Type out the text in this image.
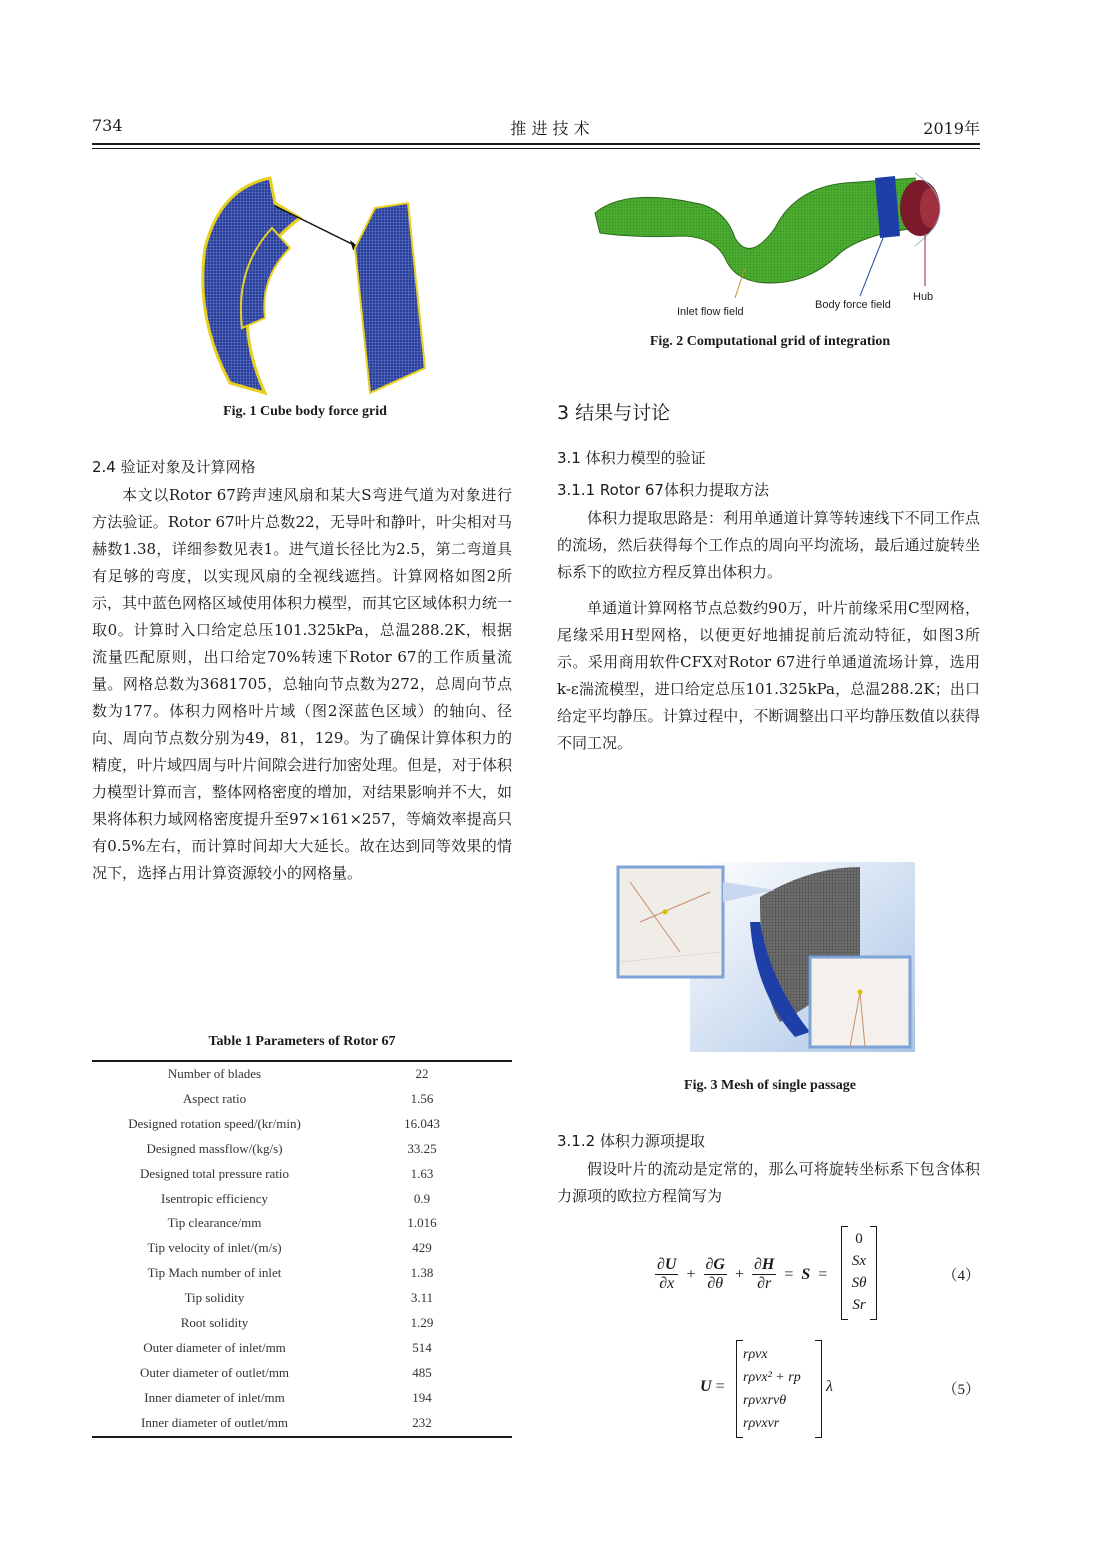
734	推 进 技 术	2019年
Fig. 1 Cube body force grid
Inlet flow field
Body force field
Hub
Fig. 2 Computational grid of integration
2.4 验证对象及计算网格

本文以Rotor 67跨声速风扇和某大S弯进气道为对象进行方法验证。Rotor 67叶片总数22，无导叶和静叶，叶尖相对马赫数1.38，详细参数见表1。进气道长径比为2.5，第二弯道具有足够的弯度，以实现风扇的全视线遮挡。计算网格如图2所示，其中蓝色网格区域使用体积力模型，而其它区域体积力统一取0。计算时入口给定总压101.325kPa，总温288.2K，根据流量匹配原则，出口给定70%转速下Rotor 67的工作质量流量。网格总数为3681705，总轴向节点数为272，总周向节点数为177。体积力网格叶片域（图2深蓝色区域）的轴向、径向、周向节点数分别为49，81，129。为了确保计算体积力的精度，叶片域四周与叶片间隙会进行加密处理。但是，对于体积力模型计算而言，整体网格密度的增加，对结果影响并不大，如果将体积力域网格密度提升至97×161×257，等熵效率提高只有0.5%左右，而计算时间却大大延长。故在达到同等效果的情况下，选择占用计算资源较小的网格量。

Table 1 Parameters of Rotor 67
Number of blades	22
Aspect ratio	1.56
Designed rotation speed/(kr/min)	16.043
Designed massflow/(kg/s)	33.25
Designed total pressure ratio	1.63
Isentropic efficiency	0.9
Tip clearance/mm	1.016
Tip velocity of inlet/(m/s)	429
Tip Mach number of inlet	1.38
Tip solidity	3.11
Root solidity	1.29
Outer diameter of inlet/mm	514
Outer diameter of outlet/mm	485
Inner diameter of inlet/mm	194
Inner diameter of outlet/mm	232
3 结果与讨论
3.1 体积力模型的验证
3.1.1 Rotor 67体积力提取方法

体积力提取思路是：利用单通道计算等转速线下不同工作点的流场，然后获得每个工作点的周向平均流场，最后通过旋转坐标系下的欧拉方程反算出体积力。

单通道计算网格节点总数约90万，叶片前缘采用C型网格，尾缘采用H型网格，以便更好地捕捉前后流动特征，如图3所示。采用商用软件CFX对Rotor 67进行单通道流场计算，选用k-ε湍流模型，进口给定总压101.325kPa，总温288.2K；出口给定平均静压。计算过程中，不断调整出口平均静压数值以获得不同工况。

Fig. 3 Mesh of single passage
3.1.2 体积力源项提取

假设叶片的流动是定常的，那么可将旋转坐标系下包含体积力源项的欧拉方程简写为

$\frac{\partial U}{\partial x} + \frac{\partial G}{\partial\theta} + \frac{\partial H}{\partial r} = S$ =
0
Sx
Sθ
Sr
（4）
U =
rρvx
rρvx² + rp
rρvxrvθ
rρvxvr
λ	（5）
